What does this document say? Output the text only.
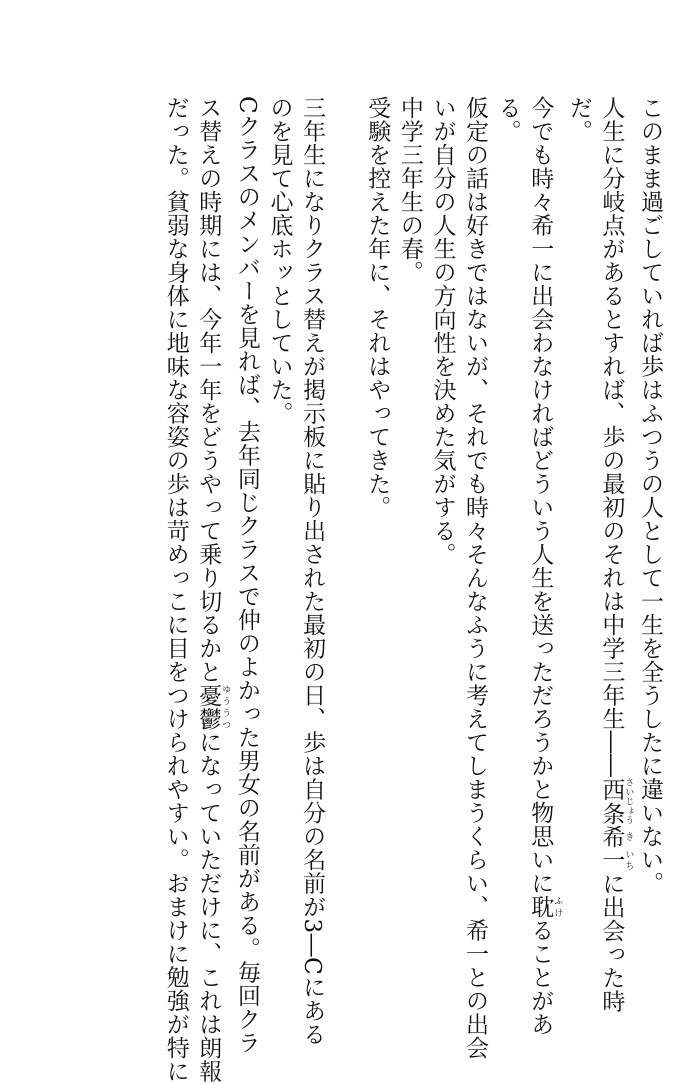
このまま過ごしていれば歩はふつうの人として一生を全うしたに違いない。
人生に分岐点があるとすれば、歩の最初のそれは中学三年生――西条 さいじょう希 き一 いちに出会った時
だ。
今でも時々希一に出会わなければどういう人生を送っただろうかと物思いに耽 ふけることがあ
る。
仮定の話は好きではないが、それでも時々そんなふうに考えてしまうくらい、希一との出会
いが自分の人生の方向性を決めた気がする。
中学三年生の春。
受験を控えた年に、それはやってきた。
三年生になりクラス替えが掲示板に貼り出された最初の日、歩は自分の名前が3―Cにある
のを見て心底ホッとしていた。
Cクラスのメンバーを見れば、去年同じクラスで仲のよかった男女の名前がある。毎回クラ
ス替えの時期には、今年一年をどうやって乗り切るかと憂鬱 ゆううつになっていただけに、これは朗報
だった。貧弱な身体に地味な容姿の歩は苛めっこに目をつけられやすい。おまけに勉強が特に
